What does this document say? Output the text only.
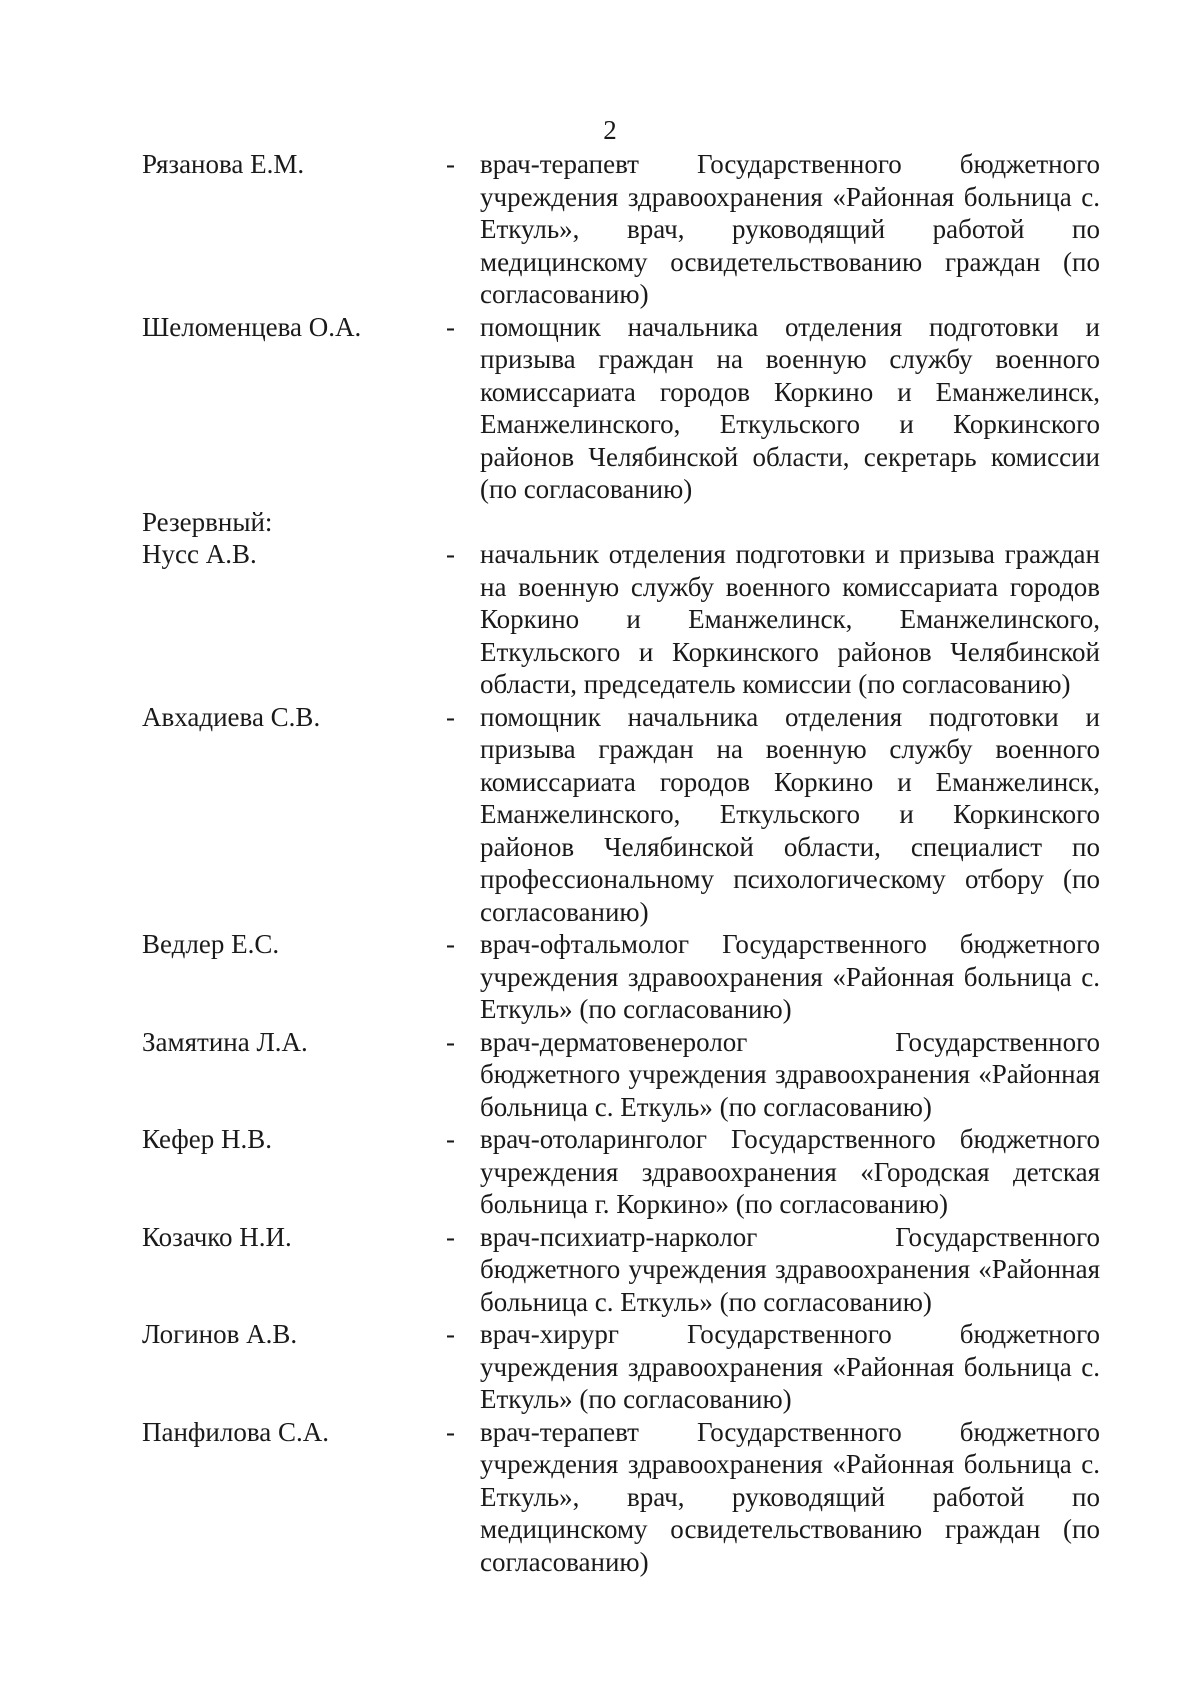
2
Рязанова Е.М.	- врач-терапевт Государственного бюджетного учреждения здравоохранения «Районная больница с. Еткуль», врач, руководящий работой по медицинскому освидетельствованию граждан (по согласованию)
Шеломенцева О.А.	- помощник начальника отделения подготовки и призыва граждан на военную службу военного комиссариата городов Коркино и Еманжелинск, Еманжелинского, Еткульского и Коркинского районов Челябинской области, секретарь комиссии (по согласованию)
Резервный:
Нусс А.В.	- начальник отделения подготовки и призыва граждан на военную службу военного комиссариата городов Коркино и Еманжелинск, Еманжелинского, Еткульского и Коркинского районов Челябинской области, председатель комиссии (по согласованию)
Авхадиева С.В.	- помощник начальника отделения подготовки и призыва граждан на военную службу военного комиссариата городов Коркино и Еманжелинск, Еманжелинского, Еткульского и Коркинского районов Челябинской области, специалист по профессиональному психологическому отбору (по согласованию)
Ведлер Е.С.	- врач-офтальмолог Государственного бюджетного учреждения здравоохранения «Районная больница с. Еткуль» (по согласованию)
Замятина Л.А.	- врач-дерматовенеролог Государственного бюджетного учреждения здравоохранения «Районная больница с. Еткуль» (по согласованию)
Кефер Н.В.	- врач-отоларинголог Государственного бюджетного учреждения здравоохранения «Городская детская больница г. Коркино» (по согласованию)
Козачко Н.И.	- врач-психиатр-нарколог Государственного бюджетного учреждения здравоохранения «Районная больница с. Еткуль» (по согласованию)
Логинов А.В.	- врач-хирург Государственного бюджетного учреждения здравоохранения «Районная больница с. Еткуль» (по согласованию)
Панфилова С.А.	- врач-терапевт Государственного бюджетного учреждения здравоохранения «Районная больница с. Еткуль», врач, руководящий работой по медицинскому освидетельствованию граждан (по согласованию)
